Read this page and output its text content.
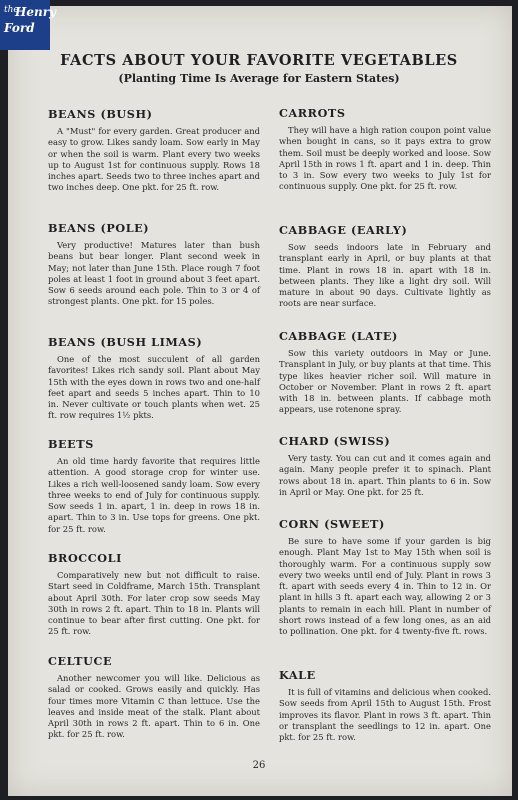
the
Henry
Ford
FACTS ABOUT YOUR FAVORITE VEGETABLES
(Planting Time Is Average for Eastern States)
BEANS (BUSH)

A "Must" for every garden. Great producer and easy to grow. Likes sandy loam. Sow early in May or when the soil is warm. Plant every two weeks up to August 1st for continuous supply. Rows 18 inches apart. Seeds two to three inches apart and two inches deep. One pkt. for 25 ft. row.

BEANS (POLE)

Very productive! Matures later than bush beans but bear longer. Plant second week in May; not later than June 15th. Place rough 7 foot poles at least 1 foot in ground about 3 feet apart. Sow 6 seeds around each pole. Thin to 3 or 4 of strongest plants. One pkt. for 15 poles.

BEANS (BUSH LIMAS)

One of the most succulent of all garden favorites! Likes rich sandy soil. Plant about May 15th with the eyes down in rows two and one-half feet apart and seeds 5 inches apart. Thin to 10 in. Never cultivate or touch plants when wet. 25 ft. row requires 1½ pkts.

BEETS

An old time hardy favorite that requires little attention. A good storage crop for winter use. Likes a rich well-loosened sandy loam. Sow every three weeks to end of July for continuous supply. Sow seeds 1 in. apart, 1 in. deep in rows 18 in. apart. Thin to 3 in. Use tops for greens. One pkt. for 25 ft. row.

BROCCOLI

Comparatively new but not difficult to raise. Start seed in Coldframe, March 15th. Transplant about April 30th. For later crop sow seeds May 30th in rows 2 ft. apart. Thin to 18 in. Plants will continue to bear after first cutting. One pkt. for 25 ft. row.

CELTUCE

Another newcomer you will like. Delicious as salad or cooked. Grows easily and quickly. Has four times more Vitamin C than lettuce. Use the leaves and inside meat of the stalk. Plant about April 30th in rows 2 ft. apart. Thin to 6 in. One pkt. for 25 ft. row.

CARROTS

They will have a high ration coupon point value when bought in cans, so it pays extra to grow them. Soil must be deeply worked and loose. Sow April 15th in rows 1 ft. apart and 1 in. deep. Thin to 3 in. Sow every two weeks to July 1st for continuous supply. One pkt. for 25 ft. row.

CABBAGE (EARLY)

Sow seeds indoors late in February and transplant early in April, or buy plants at that time. Plant in rows 18 in. apart with 18 in. between plants. They like a light dry soil. Will mature in about 90 days. Cultivate lightly as roots are near surface.

CABBAGE (LATE)

Sow this variety outdoors in May or June. Transplant in July, or buy plants at that time. This type likes heavier richer soil. Will mature in October or November. Plant in rows 2 ft. apart with 18 in. between plants. If cabbage moth appears, use rotenone spray.

CHARD (SWISS)

Very tasty. You can cut and it comes again and again. Many people prefer it to spinach. Plant rows about 18 in. apart. Thin plants to 6 in. Sow in April or May. One pkt. for 25 ft.

CORN (SWEET)

Be sure to have some if your garden is big enough. Plant May 1st to May 15th when soil is thoroughly warm. For a continuous supply sow every two weeks until end of July. Plant in rows 3 ft. apart with seeds every 4 in. Thin to 12 in. Or plant in hills 3 ft. apart each way, allowing 2 or 3 plants to remain in each hill. Plant in number of short rows instead of a few long ones, as an aid to pollination. One pkt. for 4 twenty-five ft. rows.

KALE

It is full of vitamins and delicious when cooked. Sow seeds from April 15th to August 15th. Frost improves its flavor. Plant in rows 3 ft. apart. Thin or transplant the seedlings to 12 in. apart. One pkt. for 25 ft. row.

26
